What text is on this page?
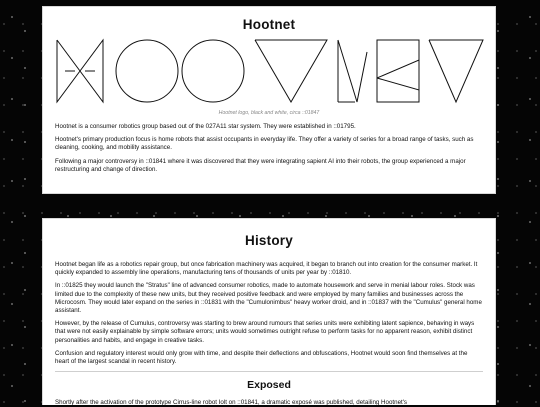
Hootnet
Hootnet logo, black and white, circa ::01847

Hootnet is a consumer robotics group based out of the 027A11 star system. They were established in ::01795.

Hootnet's primary production focus is home robots that assist occupants in everyday life. They offer a variety of series for a broad range of tasks, such as cleaning, cooking, and mobility assistance.

Following a major controversy in ::01841 where it was discovered that they were integrating sapient AI into their robots, the group experienced a major restructuring and change of direction.

History

Hootnet began life as a robotics repair group, but once fabrication machinery was acquired, it began to branch out into creation for the consumer market. It quickly expanded to assembly line operations, manufacturing tens of thousands of units per year by ::01810.

In ::01825 they would launch the "Stratus" line of advanced consumer robotics, made to automate housework and serve in menial labour roles. Stock was limited due to the complexity of these new units, but they received positive feedback and were employed by many families and businesses across the Microcosm. They would later expand on the series in ::01831 with the "Cumulonimbus" heavy worker droid, and in ::01837 with the "Cumulus" general home assistant.

However, by the release of Cumulus, controversy was starting to brew around rumours that series units were exhibiting latent sapience, behaving in ways that were not easily explainable by simple software errors; units would sometimes outright refuse to perform tasks for no apparent reason, exhibit distinct personalities and habits, and engage in creative tasks.

Confusion and regulatory interest would only grow with time, and despite their deflections and obfuscations, Hootnet would soon find themselves at the heart of the largest scandal in recent history.

Exposed

Shortly after the activation of the prototype Cirrus-line robot Iolt on ::01841, a dramatic exposé was published, detailing Hootnet's
